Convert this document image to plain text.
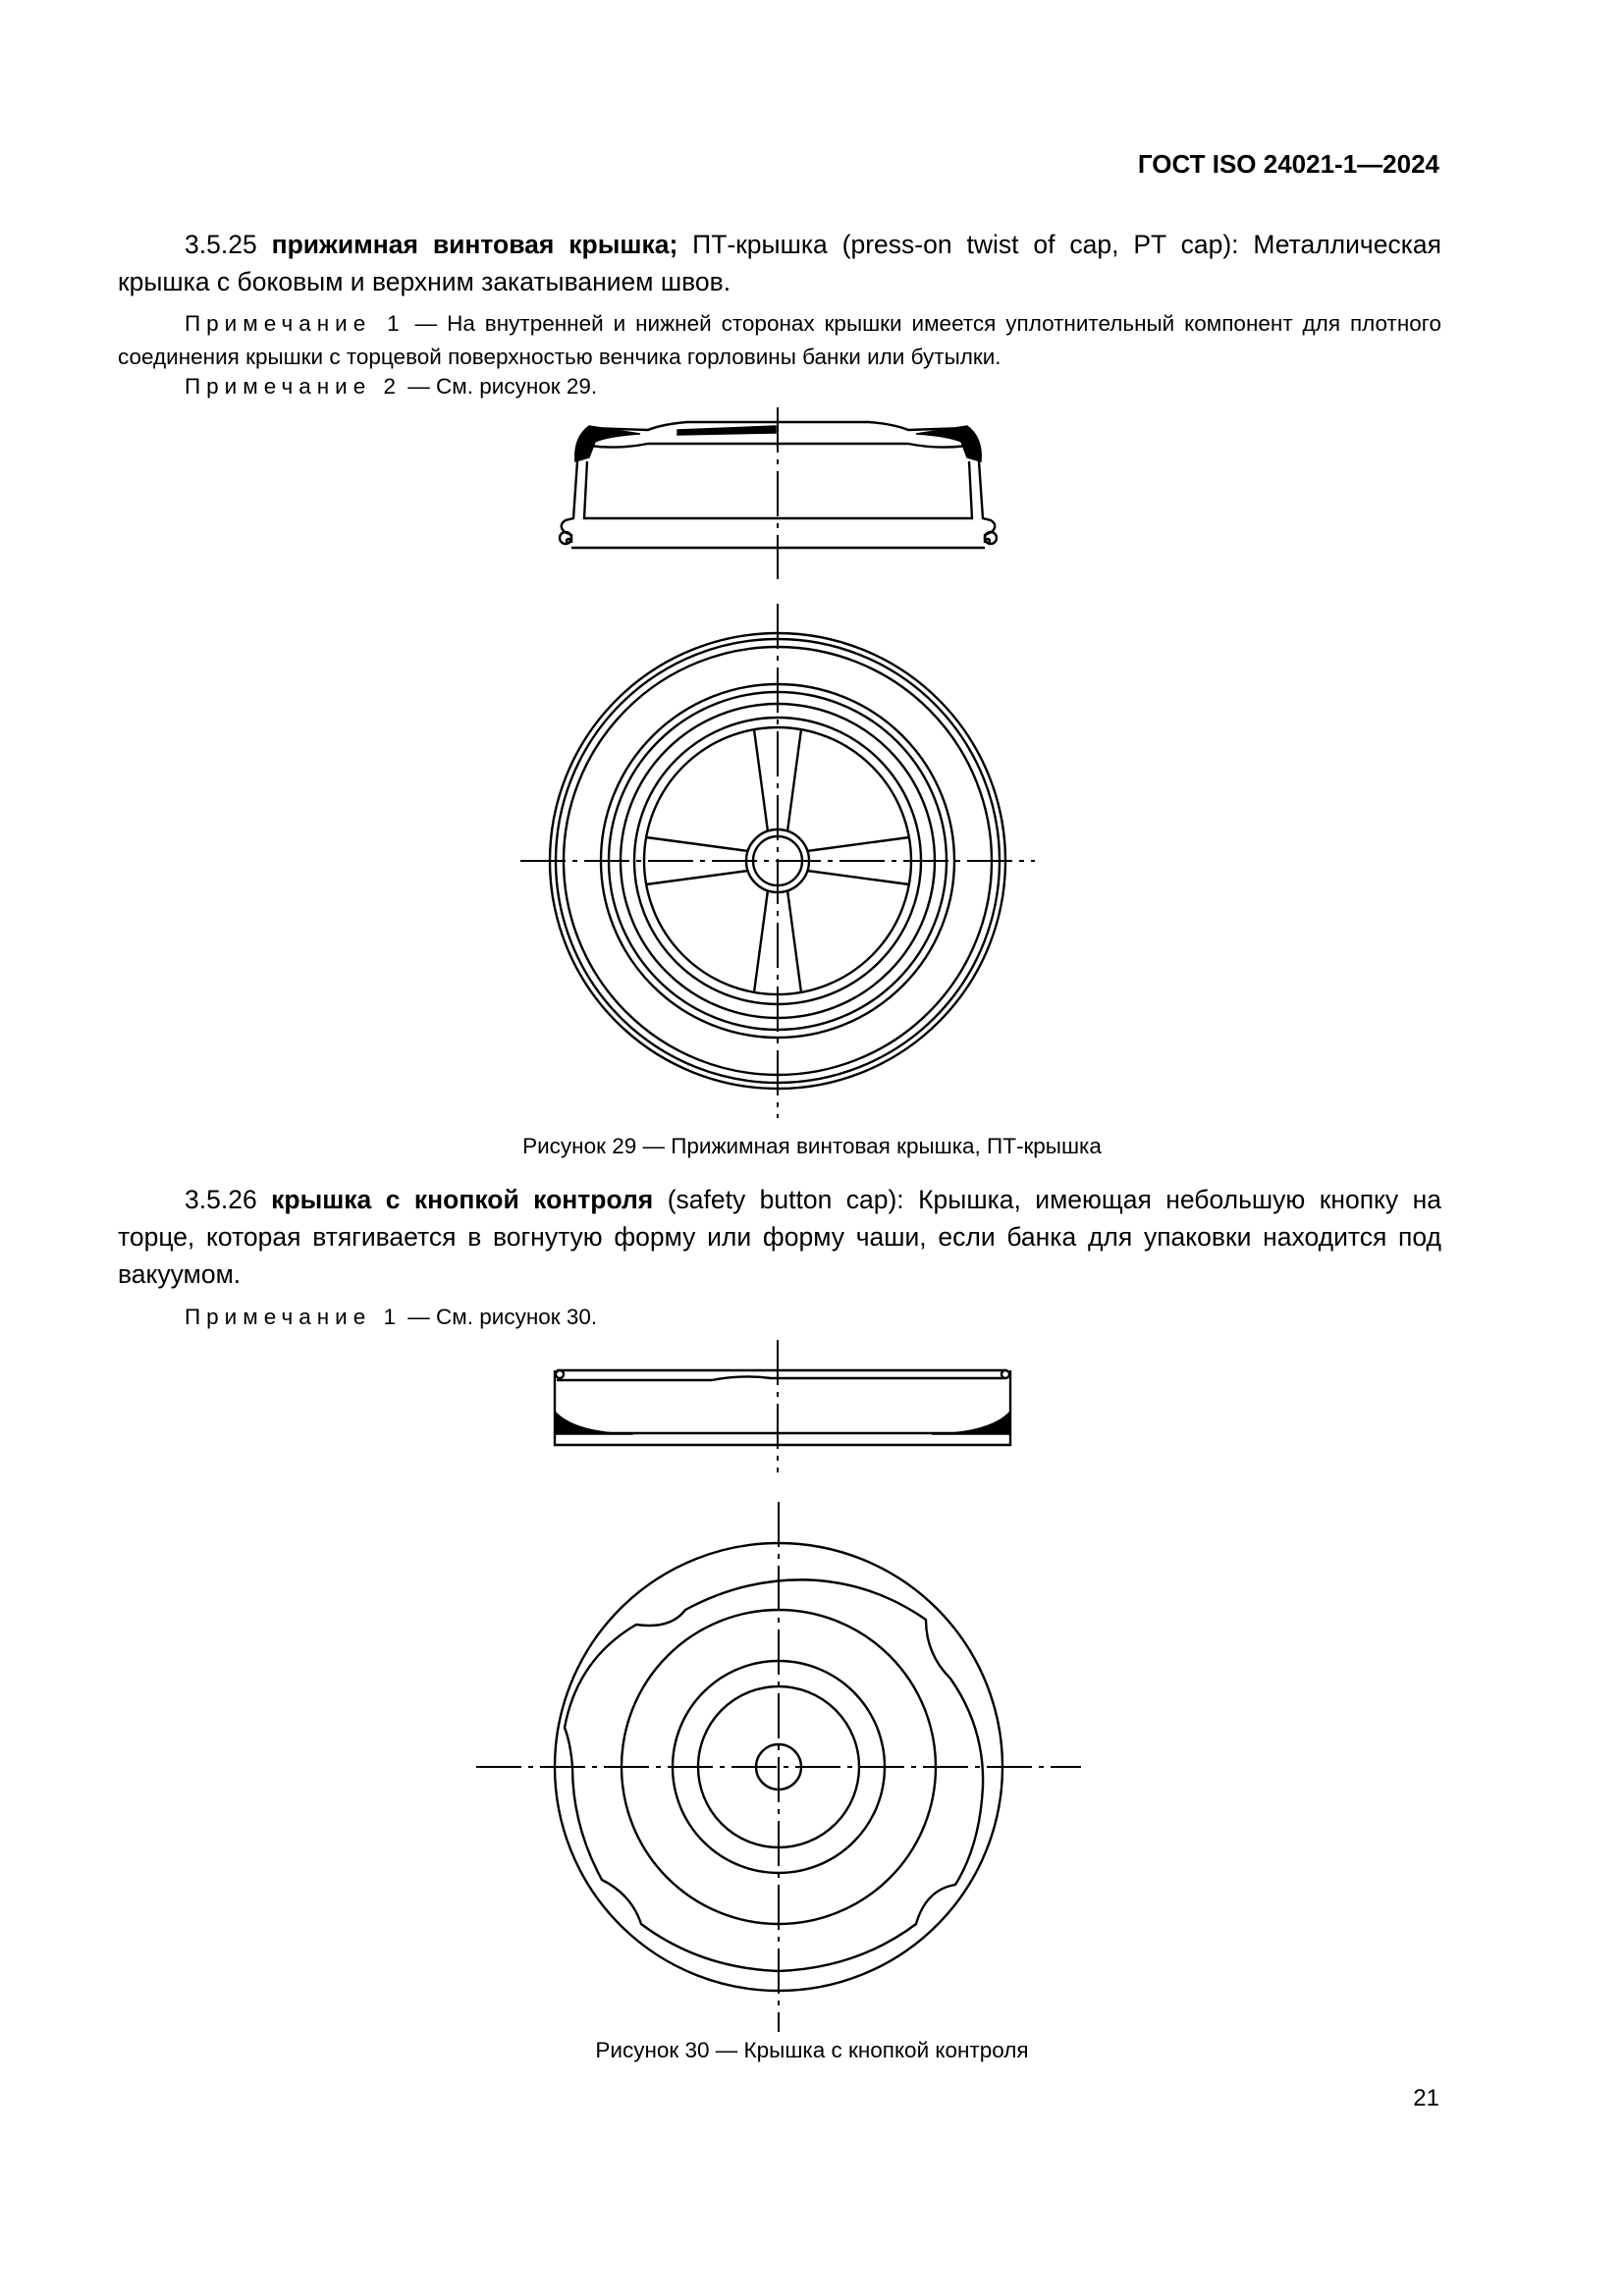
ГОСТ ISO 24021-1—2024
3.5.25 прижимная винтовая крышка; ПТ-крышка (press-on twist of cap, PT cap): Металлическая крышка с боковым и верхним закатыванием швов.
Примечание 1 — На внутренней и нижней сторонах крышки имеется уплотнительный компонент для плотного соединения крышки с торцевой поверхностью венчика горловины банки или бутылки.
Примечание 2 — См. рисунок 29.
Рисунок 29 — Прижимная винтовая крышка, ПТ-крышка
3.5.26 крышка с кнопкой контроля (safety button cap): Крышка, имеющая небольшую кнопку на торце, которая втягивается в вогнутую форму или форму чаши, если банка для упаковки находится под вакуумом.
Примечание 1 — См. рисунок 30.
Рисунок 30 — Крышка с кнопкой контроля
21
